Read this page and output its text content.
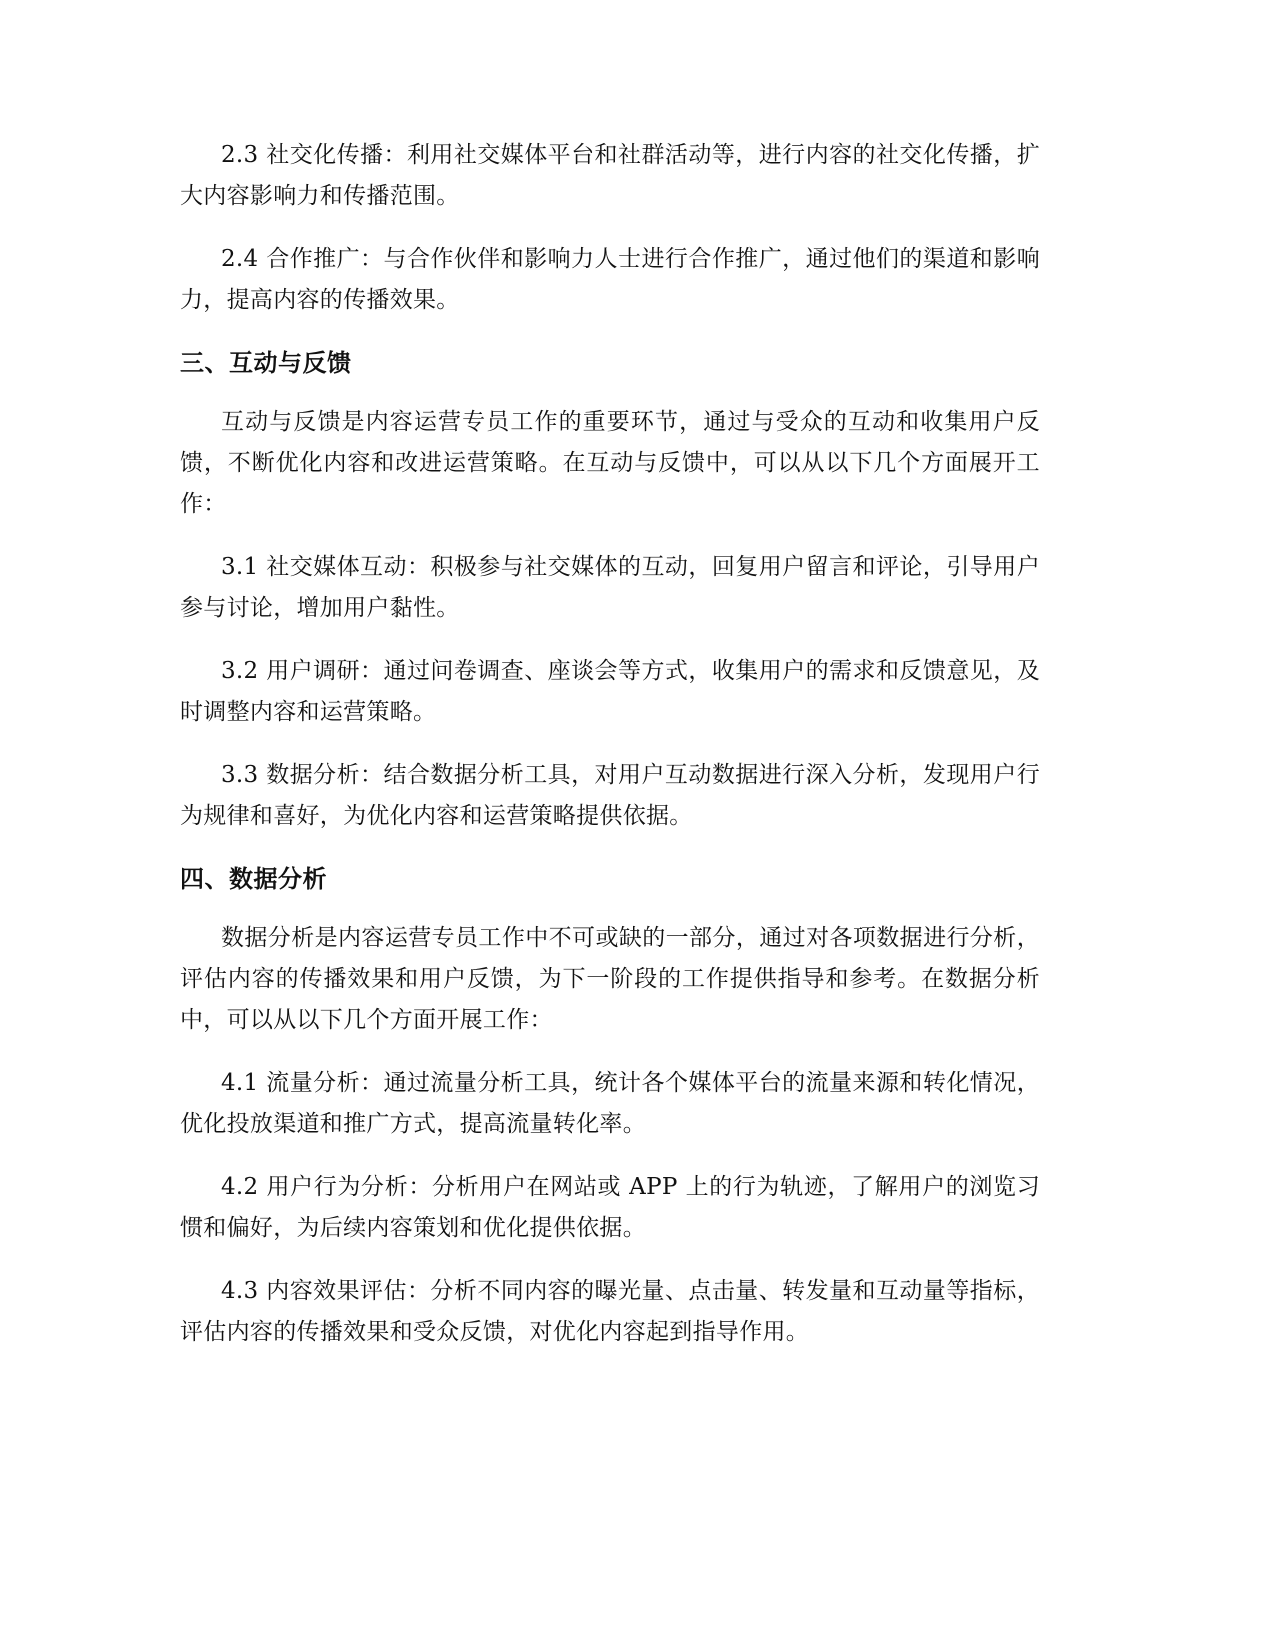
2.3 社交化传播：利用社交媒体平台和社群活动等，进行内容的社交化传播，扩大内容影响力和传播范围。

2.4 合作推广：与合作伙伴和影响力人士进行合作推广，通过他们的渠道和影响力，提高内容的传播效果。

三、互动与反馈

互动与反馈是内容运营专员工作的重要环节，通过与受众的互动和收集用户反馈，不断优化内容和改进运营策略。在互动与反馈中，可以从以下几个方面展开工作：

3.1 社交媒体互动：积极参与社交媒体的互动，回复用户留言和评论，引导用户参与讨论，增加用户黏性。

3.2 用户调研：通过问卷调查、座谈会等方式，收集用户的需求和反馈意见，及时调整内容和运营策略。

3.3 数据分析：结合数据分析工具，对用户互动数据进行深入分析，发现用户行为规律和喜好，为优化内容和运营策略提供依据。

四、数据分析

数据分析是内容运营专员工作中不可或缺的一部分，通过对各项数据进行分析，评估内容的传播效果和用户反馈，为下一阶段的工作提供指导和参考。在数据分析中，可以从以下几个方面开展工作：

4.1 流量分析：通过流量分析工具，统计各个媒体平台的流量来源和转化情况，优化投放渠道和推广方式，提高流量转化率。

4.2 用户行为分析：分析用户在网站或 APP 上的行为轨迹，了解用户的浏览习惯和偏好，为后续内容策划和优化提供依据。

4.3 内容效果评估：分析不同内容的曝光量、点击量、转发量和互动量等指标，评估内容的传播效果和受众反馈，对优化内容起到指导作用。
